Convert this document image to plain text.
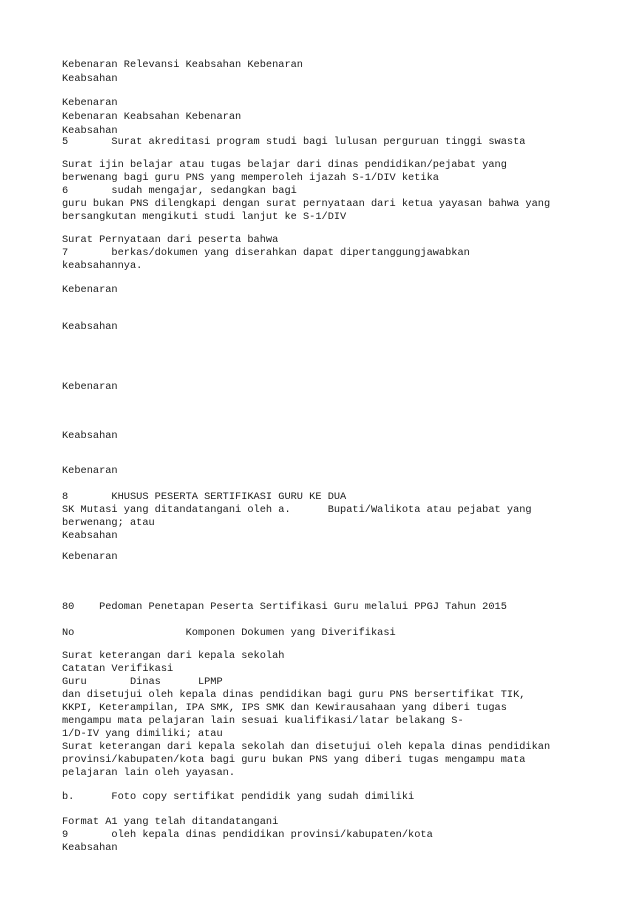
Kebenaran Relevansi Keabsahan Kebenaran
Keabsahan
Kebenaran
Kebenaran Keabsahan Kebenaran
Keabsahan
5       Surat akreditasi program studi bagi lulusan perguruan tinggi swasta
Surat ijin belajar atau tugas belajar dari dinas pendidikan/pejabat yang
berwenang bagi guru PNS yang memperoleh ijazah S-1/DIV ketika
6       sudah mengajar, sedangkan bagi
guru bukan PNS dilengkapi dengan surat pernyataan dari ketua yayasan bahwa yang
bersangkutan mengikuti studi lanjut ke S-1/DIV
Surat Pernyataan dari peserta bahwa
7       berkas/dokumen yang diserahkan dapat dipertanggungjawabkan
keabsahannya.
Kebenaran
Keabsahan
Kebenaran
Keabsahan
Kebenaran
8       KHUSUS PESERTA SERTIFIKASI GURU KE DUA
SK Mutasi yang ditandatangani oleh a.      Bupati/Walikota atau pejabat yang
berwenang; atau
Keabsahan
Kebenaran
80    Pedoman Penetapan Peserta Sertifikasi Guru melalui PPGJ Tahun 2015
No                  Komponen Dokumen yang Diverifikasi
Surat keterangan dari kepala sekolah
Catatan Verifikasi
Guru       Dinas      LPMP
dan disetujui oleh kepala dinas pendidikan bagi guru PNS bersertifikat TIK,
KKPI, Keterampilan, IPA SMK, IPS SMK dan Kewirausahaan yang diberi tugas
mengampu mata pelajaran lain sesuai kualifikasi/latar belakang S-
1/D-IV yang dimiliki; atau
Surat keterangan dari kepala sekolah dan disetujui oleh kepala dinas pendidikan
provinsi/kabupaten/kota bagi guru bukan PNS yang diberi tugas mengampu mata
pelajaran lain oleh yayasan.
b.      Foto copy sertifikat pendidik yang sudah dimiliki
Format A1 yang telah ditandatangani
9       oleh kepala dinas pendidikan provinsi/kabupaten/kota
Keabsahan
